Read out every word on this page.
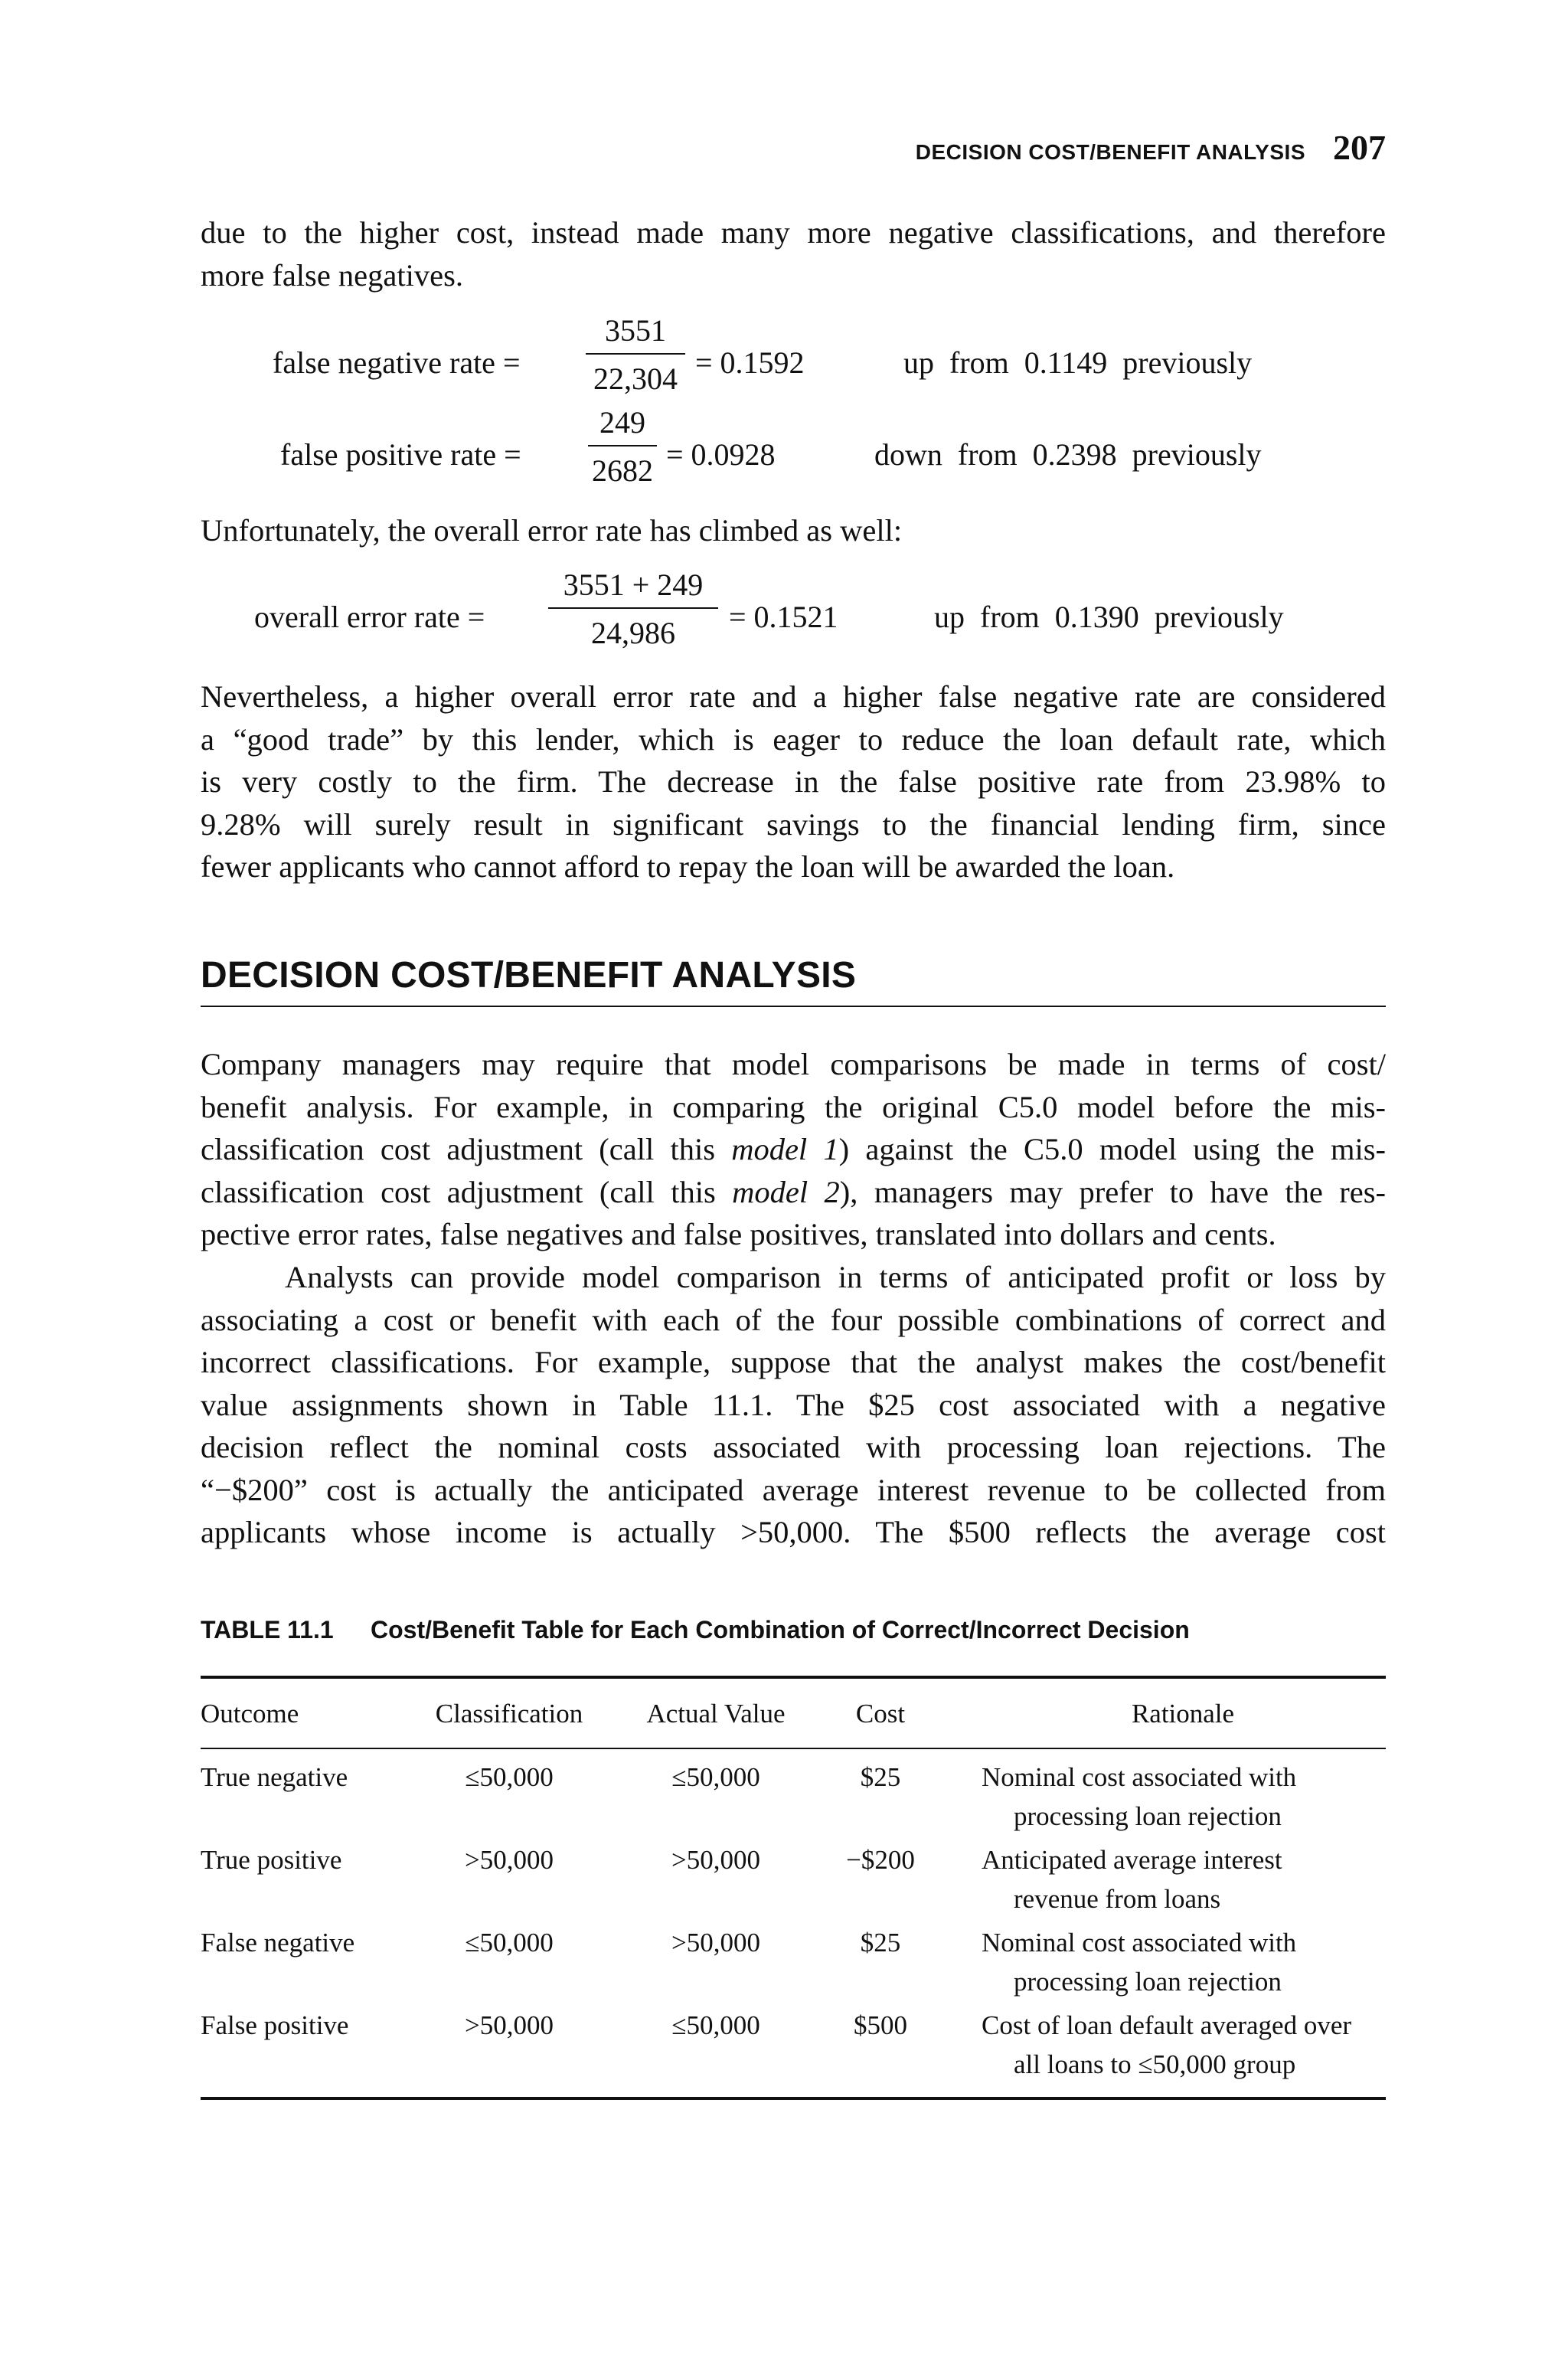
DECISION COST/BENEFIT ANALYSIS 207
due to the higher cost, instead made many more negative classifications, and therefore
more false negatives.
false negative rate =
3551
22,304 = 0.1592	up  from  0.1149  previously
false positive rate =
249
2682 = 0.0928	down  from  0.2398  previously
Unfortunately, the overall error rate has climbed as well:
overall error rate =
3551 + 249
24,986	= 0.1521	up  from  0.1390  previously
Nevertheless, a higher overall error rate and a higher false negative rate are considered
a “good trade” by this lender, which is eager to reduce the loan default rate, which
is very costly to the firm. The decrease in the false positive rate from 23.98% to
9.28% will surely result in significant savings to the financial lending firm, since
fewer applicants who cannot afford to repay the loan will be awarded the loan.
DECISION COST/BENEFIT ANALYSIS
Company managers may require that model comparisons be made in terms of cost/
benefit analysis. For example, in comparing the original C5.0 model before the mis-
classification cost adjustment (call this model 1) against the C5.0 model using the mis-
classification cost adjustment (call this model 2), managers may prefer to have the res-
pective error rates, false negatives and false positives, translated into dollars and cents.
Analysts can provide model comparison in terms of anticipated profit or loss by
associating a cost or benefit with each of the four possible combinations of correct and
incorrect classifications. For example, suppose that the analyst makes the cost/benefit
value assignments shown in Table 11.1. The $25 cost associated with a negative
decision reflect the nominal costs associated with processing loan rejections. The
“−$200” cost is actually the anticipated average interest revenue to be collected from
applicants whose income is actually >50,000. The $500 reflects the average cost
TABLE 11.1 Cost/Benefit Table for Each Combination of Correct/Incorrect Decision
Outcome	Classification	Actual Value	Cost	Rationale
True negative	≤50,000	≤50,000	$25	Nominal cost associated with
processing loan rejection
True positive	>50,000	>50,000	−$200	Anticipated average interest
revenue from loans
False negative	≤50,000	>50,000	$25	Nominal cost associated with
processing loan rejection
False positive	>50,000	≤50,000	$500	Cost of loan default averaged over
all loans to ≤50,000 group
